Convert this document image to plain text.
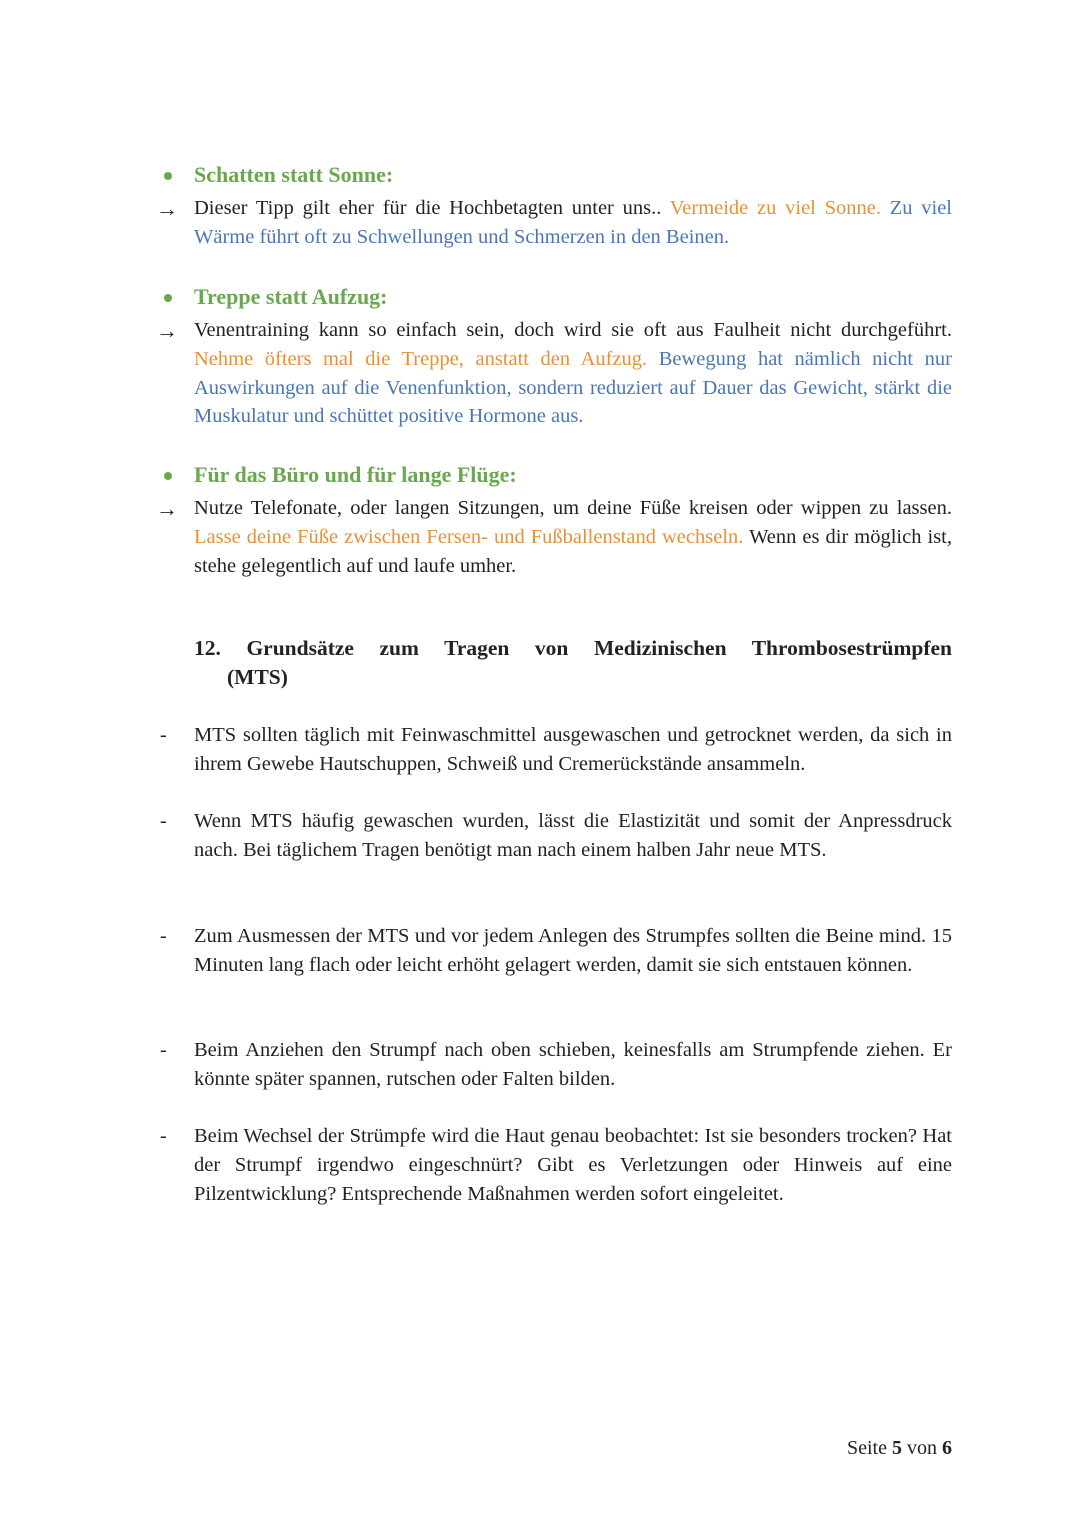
Schatten statt Sonne:
→ Dieser Tipp gilt eher für die Hochbetagten unter uns.. Vermeide zu viel Sonne. Zu viel Wärme führt oft zu Schwellungen und Schmerzen in den Beinen.
Treppe statt Aufzug:
→ Venentraining kann so einfach sein, doch wird sie oft aus Faulheit nicht durchgeführt. Nehme öfters mal die Treppe, anstatt den Aufzug. Bewegung hat nämlich nicht nur Auswirkungen auf die Venenfunktion, sondern reduziert auf Dauer das Gewicht, stärkt die Muskulatur und schüttet positive Hormone aus.
Für das Büro und für lange Flüge:
→ Nutze Telefonate, oder langen Sitzungen, um deine Füße kreisen oder wippen zu lassen. Lasse deine Füße zwischen Fersen- und Fußballenstand wechseln. Wenn es dir möglich ist, stehe gelegentlich auf und laufe umher.
12. Grundsätze zum Tragen von Medizinischen Thrombosestrümpfen
(MTS)
- MTS sollten täglich mit Feinwaschmittel ausgewaschen und getrocknet werden, da sich in ihrem Gewebe Hautschuppen, Schweiß und Cremerückstände ansammeln.
- Wenn MTS häufig gewaschen wurden, lässt die Elastizität und somit der Anpressdruck nach. Bei täglichem Tragen benötigt man nach einem halben Jahr neue MTS.
- Zum Ausmessen der MTS und vor jedem Anlegen des Strumpfes sollten die Beine mind. 15 Minuten lang flach oder leicht erhöht gelagert werden, damit sie sich entstauen können.
- Beim Anziehen den Strumpf nach oben schieben, keinesfalls am Strumpfende ziehen. Er könnte später spannen, rutschen oder Falten bilden.
- Beim Wechsel der Strümpfe wird die Haut genau beobachtet: Ist sie besonders trocken? Hat der Strumpf irgendwo eingeschnürt? Gibt es Verletzungen oder Hinweis auf eine Pilzentwicklung? Entsprechende Maßnahmen werden sofort eingeleitet.
Seite 5 von 6
